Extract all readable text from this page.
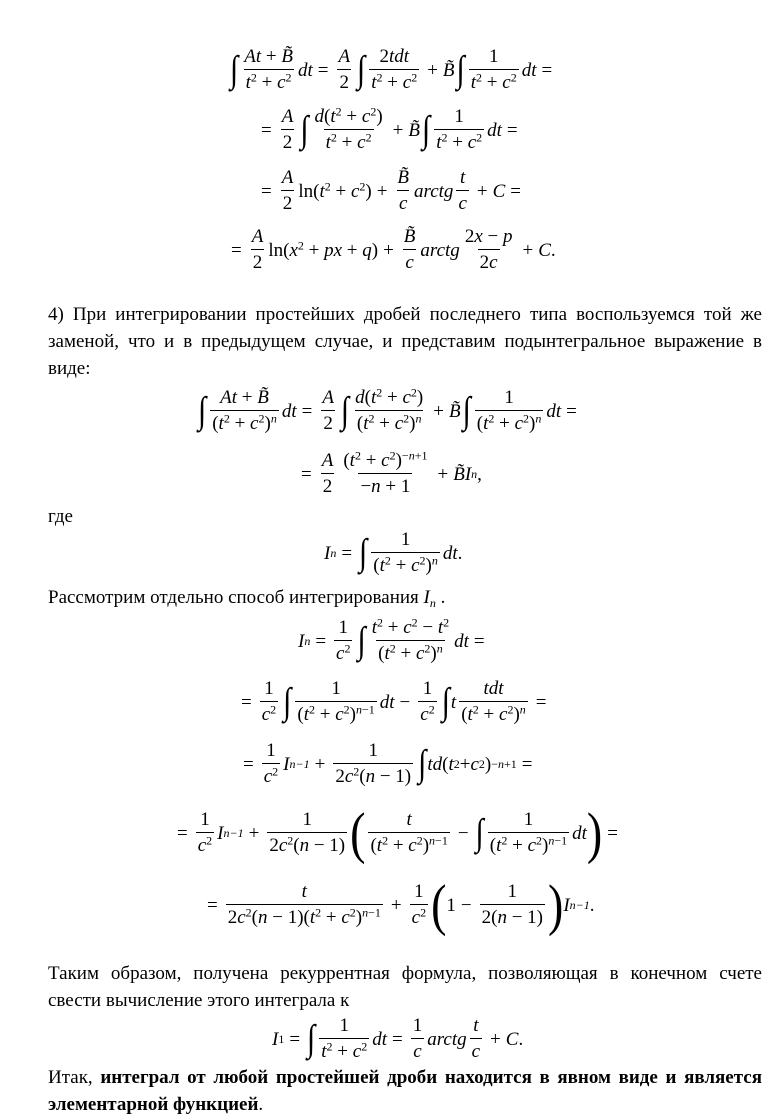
∫ $\frac{At + B̃}{t^2 + c^2}$ dt = $\frac{A}{2}$ ∫ $\frac{\text{2tdt}}{t^2 + c^2}$ + B̃ ∫ $\frac{1}{t^2 + c^2}$ dt =
= $\frac{A}{2}$ ∫ $\frac{d(t^2 + c^2)}{t^2 + c^2}$ + B̃ ∫ $\frac{1}{t^2 + c^2}$ dt =
= $\frac{A}{2} \ln(t^2 + c^2) + \frac{B̃}{c}$ arctg $\frac{t}{c} + C$ =
= $\frac{A}{2} \ln(x^2$ + px + $q) + \frac{B̃}{c}$ arctg $\frac{2x - p}{2c} + C$ .
4) При интегрировании простейших дробей последнего типа воспользуемся той же заменой, что и в предыдущем случае, и представим подынтегральное выражение в виде:
∫ $\frac{At + B̃}{(t^2 + c^2)^n}$ dt = $\frac{A}{2}$ ∫ $\frac{d(t^2 + c^2)}{(t^2 + c^2)^n}$ + B̃ ∫ $\frac{1}{(t^2 + c^2)^n}$ dt =
= $\frac{A}{2} \frac{(t^2 + c^2)^{-n+1}}{-n + 1}$ + B̃ I n ,
где
I n = ∫ $\frac{1}{(t^2 + c^2)^n}$ dt .
Рассмотрим отдельно способ интегрирования $I_n$ .
I $n = \frac{1}{c^2}$ ∫ $\frac{t^2 + c^2 - t^2}{(t^2 + c^2)^n}$ dt =
= $\frac{1}{c^2}$ ∫ $\frac{1}{(t^2 + c^2)^{n-1}}$ dt − $\frac{1}{c^2}$ ∫ t $\frac{\text{tdt}}{(t^2 + c^2)^n}$ =
= $\frac{1}{c^2}$ I $n-1 + \frac{1}{2c^2(n - 1)}$ ∫ td ( t 2 + c 2 ) −n+1 =
= $\frac{1}{c^2}$ I $n-1 + \frac{1}{2c^2(n - 1)}$ ( $\frac{t}{(t^2 + c^2)^{n-1}}$ − ∫ $\frac{1}{(t^2 + c^2)^{n-1}}$ dt ) =
= $\frac{t}{2c^2(n - 1)(t^2 + c^2)^{n-1}} + \frac{1}{c^2}$ ( $1 - \frac{1}{2(n - 1)}$ ) I n−1 .
Таким образом, получена рекуррентная формула, позволяющая в конечном счете свести вычисление этого интеграла к
I 1 = ∫ $\frac{1}{t^2 + c^2}$ dt = $\frac{1}{c}$ arctg $\frac{t}{c} + C$ .
Итак, интеграл от любой простейшей дроби находится в явном виде и является элементарной функцией.
